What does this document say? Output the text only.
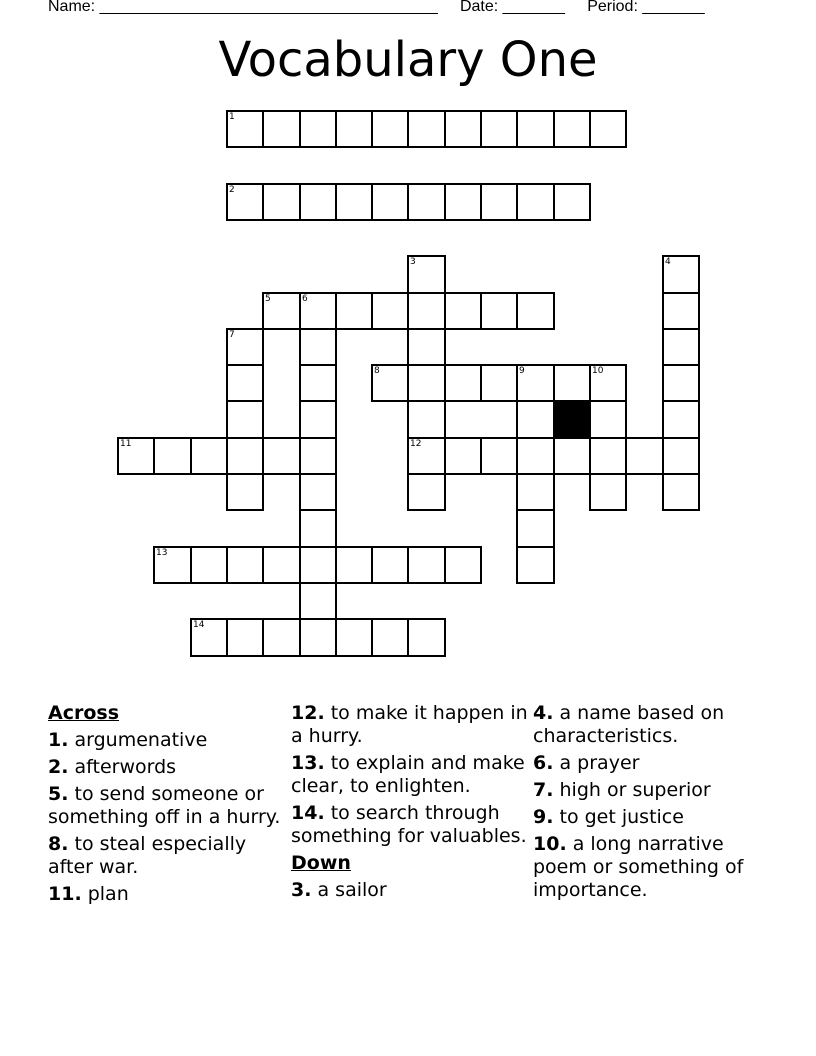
Name: ______________________________________ Date: _______ Period: _______
Vocabulary One
1
2
5	6
8	9	10
11	12
13
14
3	4
7
Across
1. argumenative
2. afterwords
5. to send someone or something off in a hurry.
8. to steal especially after war.
11. plan
12. to make it happen in a hurry.
13. to explain and make clear, to enlighten.
14. to search through something for valuables.
Down
3. a sailor
4. a name based on characteristics.
6. a prayer
7. high or superior
9. to get justice
10. a long narrative poem or something of importance.
